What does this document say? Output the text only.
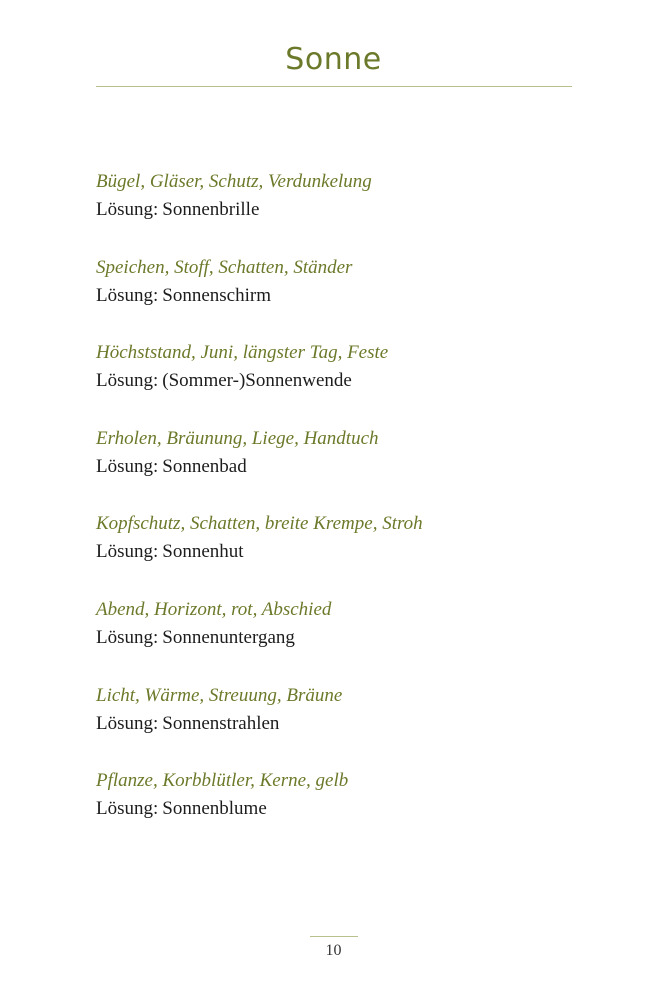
Sonne
Bügel, Gläser, Schutz, Verdunkelung
Lösung: Sonnenbrille
Speichen, Stoff, Schatten, Ständer
Lösung: Sonnenschirm
Höchststand, Juni, längster Tag, Feste
Lösung: (Sommer-)Sonnenwende
Erholen, Bräunung, Liege, Handtuch
Lösung: Sonnenbad
Kopfschutz, Schatten, breite Krempe, Stroh
Lösung: Sonnenhut
Abend, Horizont, rot, Abschied
Lösung: Sonnenuntergang
Licht, Wärme, Streuung, Bräune
Lösung: Sonnenstrahlen
Pflanze, Korbblütler, Kerne, gelb
Lösung: Sonnenblume
10
